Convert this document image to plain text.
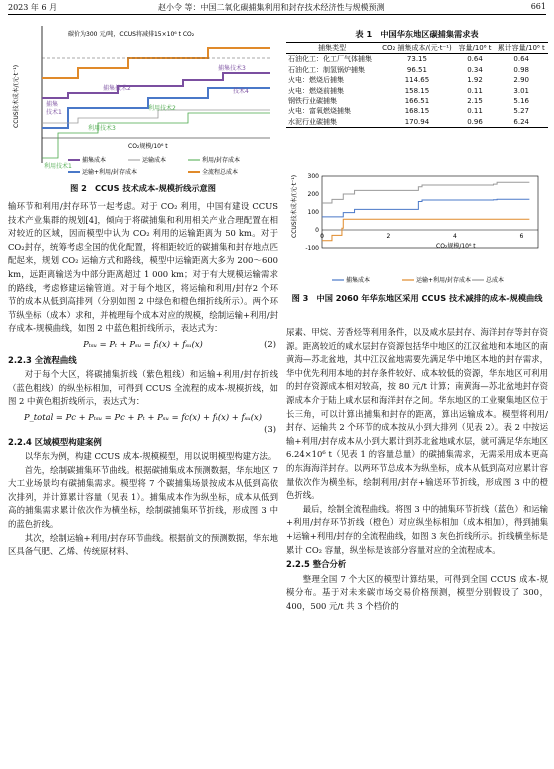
2023 年 6 月	赵小令 等：中国二氧化碳捕集利用和封存技术经济性与规模预测	661
CCUS技术成本/(元·t⁻¹)
CO₂规模/10⁶ t
碳价为300 元/吨，CCUS将减排15×10⁶ t CO₂
捕集
技术1
捕集技术2
捕集技术3
利用技术3
利用技术2
利用技术1
技术4
捕集成本	运输成本	利用/封存成本
运输+利用/封存成本	全流程总成本
图 2　CCUS 技术成本-规模折线示意图
表 1　中国华东地区碳捕集需求表
捕集类型	CO₂ 捕集成本/(元·t⁻¹)	容量/10⁶ t	累计容量/10⁶ t
石油化工：化工厂气体捕集	73.15	0.64	0.64
石油化工：制氢锅炉捕集	96.51	0.34	0.98
火电：燃烧后捕集	114.65	1.92	2.90
火电：燃烧前捕集	158.15	0.11	3.01
钢铁行业碳捕集	166.51	2.15	5.16
火电：富氧燃烧捕集	168.15	0.11	5.27
水泥行业碳捕集	170.94	0.96	6.24
-100
0
100
200
300
0	2	4	6
CCUS技术成本/(元·t⁻¹)
CO₂规模/10⁶ t
捕集成本	运输+利用/封存成本 总成本
图 3　中国 2060 年华东地区采用 CCUS 技术减排的成本-规模曲线

输环节和利用/封存环节一起考虑。对于 CO₂ 利用，中国有建设 CCUS 技术产业集群的规划[4]，倾向于将碳捕集和利用相关产业合理配置在相对较近的区域，因而模型中认为 CO₂ 利用的运输距离为 50 km。对于 CO₂封存，统筹考虑全国的优化配置，将相距较近的碳捕集和封存地点匹配起来，规划 CO₂ 运输方式和路线，模型中运输距离大多为 200～600 km，远距离输送为中部分距离超过 1 000 km；对于有大规模运输需求的路线，考虑修建运输管道。对于每个地区，将运输和利用/封存2 个环节的成本从低到高排列（分别如图 2 中绿色和橙色细折线所示）。两个环节纵坐标（成本）求和，并梳理每个成本对应的规模，绘制运输+利用/封存成本-规模曲线，如图 2 中蓝色粗折线所示，表达式为：

Pₜₛᵤ = Pₜ + Pₛᵤ = fₜ(x) + fₛᵤ(x)	(2)
2.2.3 全流程曲线

对于每个大区，将碳捕集折线（紫色粗线）和运输+利用/封存折线（蓝色粗线）的纵坐标相加，可得到 CCUS 全流程的成本-规模折线，如图 2 中黄色粗折线所示，表达式为：

P_total = Pc + Pₜₛᵤ = Pc + Pₜ + Pₛᵤ = fc(x) + fₜ(x) + fₛᵤ(x)
(3)
2.2.4 区域模型构建案例

以华东为例，构建 CCUS 成本-规模模型，用以说明模型构建方法。

首先，绘制碳捕集环节曲线。根据碳捕集成本预测数据，华东地区 7 大工业场景均有碳捕集需求。模型将 7 个碳捕集场景按成本从低到高依次排列，并计算累计容量（见表 1）。捕集成本作为纵坐标，成本从低到高的捕集需求累计依次作为横坐标，绘制碳捕集环节折线，形成图 3 中的蓝色折线。

其次，绘制运输+利用/封存环节曲线。根据前文的预测数据，华东地区具备气肥、乙烯、传统原材料、

尿素、甲烷、芳香烃等利用条件，以及咸水层封存、海洋封存等封存资源。距离较近的咸水层封存资源包括华中地区的江汉盆地和本地区的南黄海—苏北盆地，其中江汉盆地需要先满足华中地区本地的封存需求，华中优先利用本地的封存条件较好、成本较低的资源，华东地区可利用的封存资源成本相对较高，按 80 元/t 计算；南黄海—苏北盆地封存资源成本介于陆上咸水层和海洋封存之间。华东地区的工业聚集地区位于长三角，可以计算出捕集和封存的距离，算出运输成本。模型将利用/封存、运输共 2 个环节的成本按从小到大排列（见表 2）。表 2 中按运输+利用/封存成本从小到大累计到苏北盆地咸水层，就可满足华东地区 6.24×10⁶ t（见表 1 的容量总量）的碳捕集需求，无需采用成本更高的东海海洋封存。以两环节总成本为纵坐标，成本从低到高对应累计容量依次作为横坐标，绘制利用/封存+输送环节折线，形成图 3 中的橙色折线。

最后，绘制全流程曲线。将图 3 中的捕集环节折线（蓝色）和运输+利用/封存环节折线（橙色）对应纵坐标相加（成本相加），得到捕集+运输+利用/封存的全流程曲线，如图 3 灰色折线所示。折线横坐标是累计 CO₂ 容量，纵坐标是该部分容量对应的全流程成本。

2.2.5 整合分析

整理全国 7 个大区的模型计算结果，可得到全国 CCUS 成本-规模分布。基于对未来碳市场交易价格预测，模型分别假设了 300，400，500 元/t 共 3 个档价的
